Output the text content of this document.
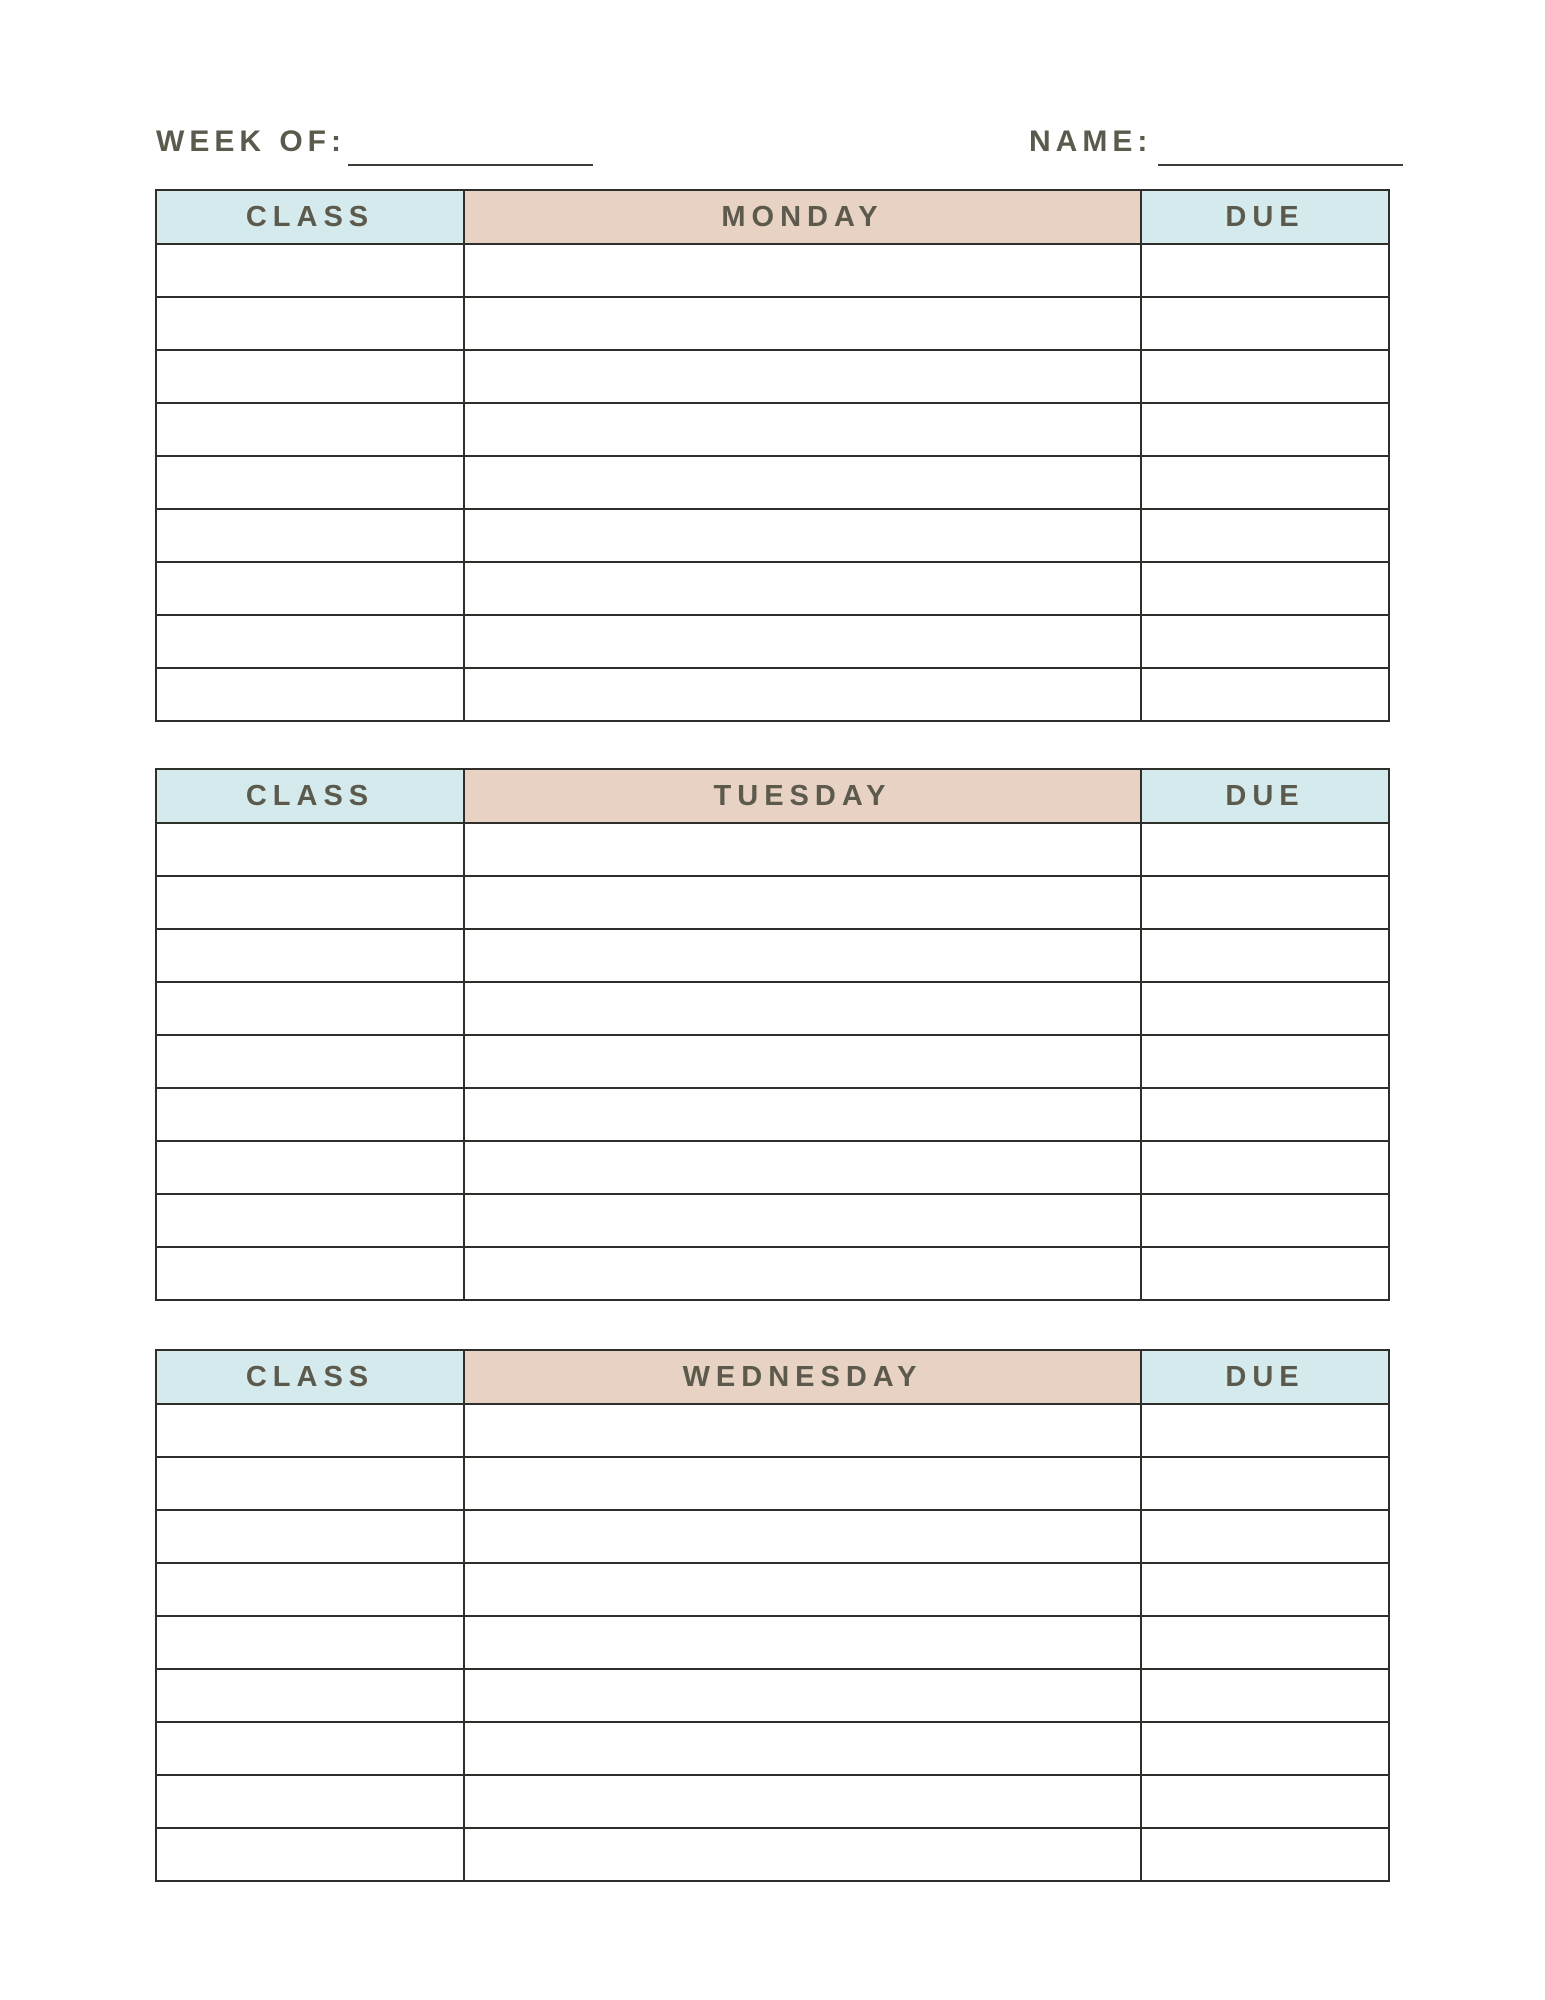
WEEK OF:	NAME:
CLASS	MONDAY	DUE

CLASS	TUESDAY	DUE

CLASS	WEDNESDAY	DUE
